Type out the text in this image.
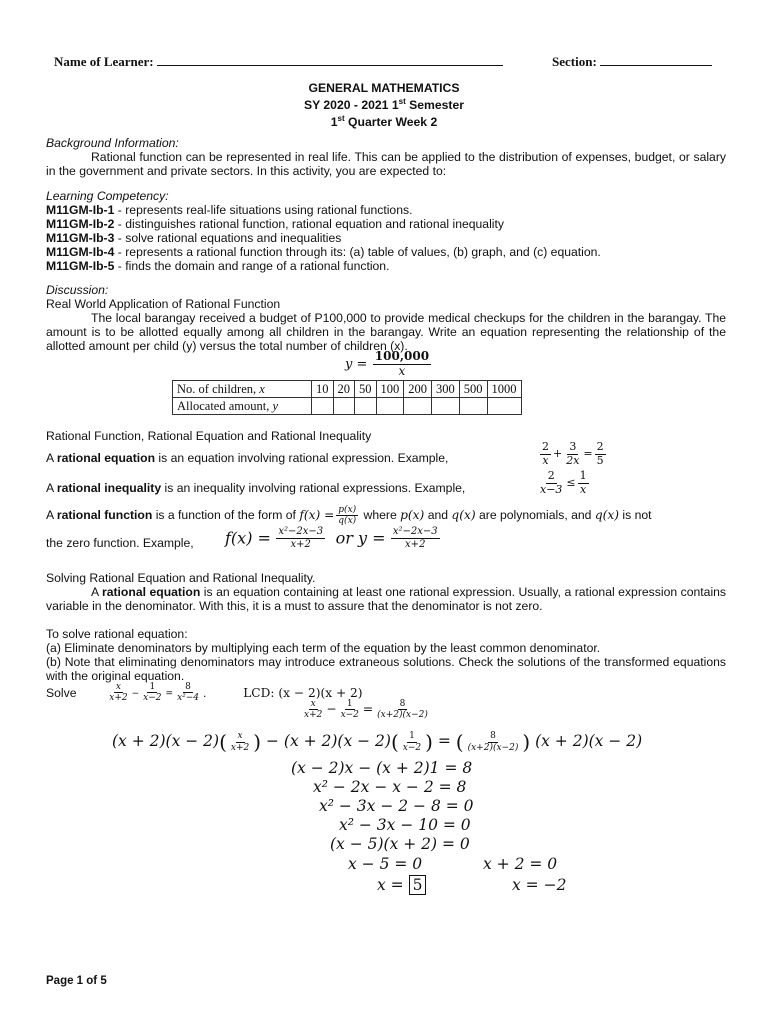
Name of Learner:	Section:
GENERAL MATHEMATICS
SY 2020 - 2021 1st Semester
1st Quarter Week 2
Background Information:
Rational function can be represented in real life. This can be applied to the distribution of expenses, budget, or salary in the government and private sectors. In this activity, you are expected to:
Learning Competency:
M11GM-Ib-1 - represents real-life situations using rational functions.
M11GM-Ib-2 - distinguishes rational function, rational equation and rational inequality
M11GM-Ib-3 - solve rational equations and inequalities
M11GM-Ib-4 - represents a rational function through its: (a) table of values, (b) graph, and (c) equation.
M11GM-Ib-5 - finds the domain and range of a rational function.
Discussion:
Real World Application of Rational Function
The local barangay received a budget of P100,000 to provide medical checkups for the children in the barangay. The amount is to be allotted equally among all children in the barangay. Write an equation representing the relationship of the allotted amount per child (y) versus the total number of children (x).
$y = \frac{100,000}{x}$
No. of children, x	10	20	50	100	200	300	500	1000
Allocated amount, y								
Rational Function, Rational Equation and Rational Inequality
A rational equation is an equation involving rational expression. Example,	$\frac{2}{x} + \frac{3}{2x} = \frac{2}{5}$
A rational inequality is an inequality involving rational expressions. Example,	$\frac{2}{x-3} \le \frac{1}{x}$
A rational function is a function of the form of $f(x) = \frac{p(x)}{q(x)}$ where p(x) and q(x) are polynomials, and q(x) is not
the zero function. Example, $f(x) = \frac{\text{x²−2x−3}}{x+2}$ or $y = \frac{\text{x²−2x−3}}{x+2}$
Solving Rational Equation and Rational Inequality.
A rational equation is an equation containing at least one rational expression. Usually, a rational expression contains variable in the denominator. With this, it is a must to assure that the denominator is not zero.
To solve rational equation:
(a) Eliminate denominators by multiplying each term of the equation by the least common denominator.
(b) Note that eliminating denominators may introduce extraneous solutions. Check the solutions of the transformed equations with the original equation.
Solve	$\frac{x}{x+2} - \frac{1}{x-2} = \frac{8}{\text{x²−4}}$ .	LCD: (x − 2)(x + 2)
$\frac{x}{x+2} - \frac{1}{x-2} = \frac{8}{(x+2)(x-2)}$
$(x + 2)(x - 2)( \frac{x}{x+2}$ ) − $(x + 2)(x - 2)( \frac{1}{x-2}$ ) = ( $\frac{8}{(x+2)(x-2)}$ ) (x + 2)(x − 2)
(x − 2)x − (x + 2)1 = 8
x² − 2x − x − 2 = 8
x² − 3x − 2 − 8 = 0
x² − 3x − 10 = 0
(x − 5)(x + 2) = 0
x − 5 = 0	x + 2 = 0
x = 5	x = −2
Page 1 of 5
